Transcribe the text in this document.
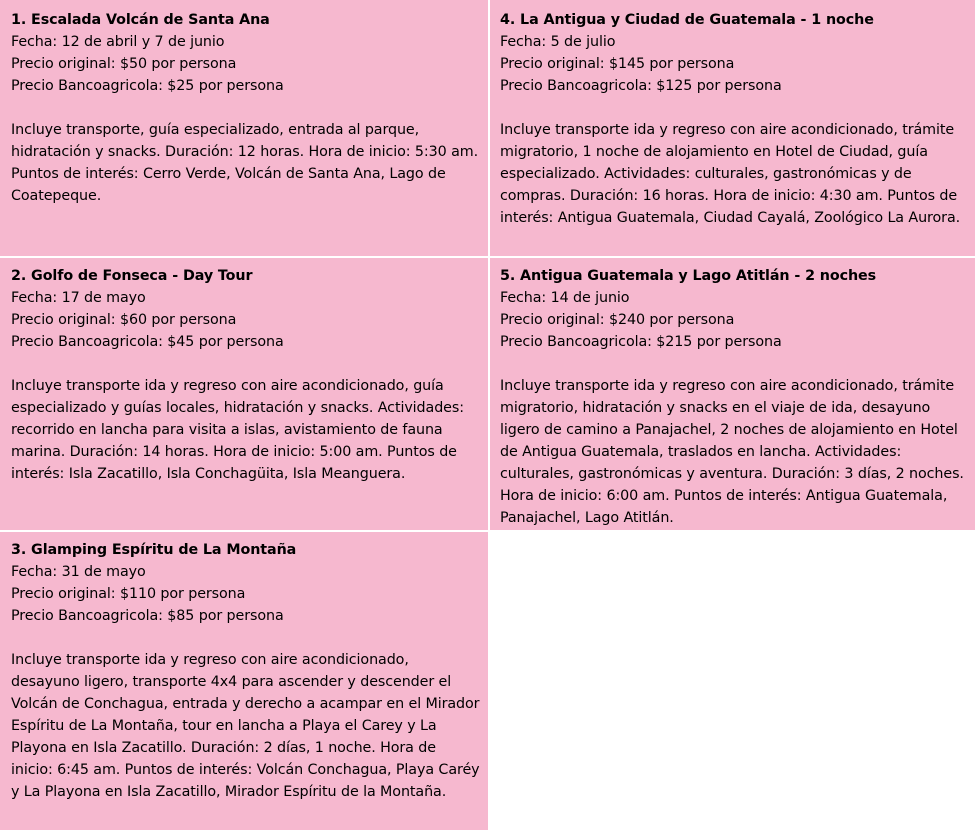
1. Escalada Volcán de Santa Ana
Fecha: 12 de abril y 7 de junio
Precio original: $50 por persona
Precio Bancoagricola: $25 por persona
Incluye transporte, guía especializado, entrada al parque, hidratación y snacks. Duración: 12 horas. Hora de inicio: 5:30 am. Puntos de interés: Cerro Verde, Volcán de Santa Ana, Lago de Coatepeque.
4. La Antigua y Ciudad de Guatemala - 1 noche
Fecha: 5 de julio
Precio original: $145 por persona
Precio Bancoagricola: $125 por persona
Incluye transporte ida y regreso con aire acondicionado, trámite migratorio, 1 noche de alojamiento en Hotel de Ciudad, guía especializado. Actividades: culturales, gastronómicas y de compras. Duración: 16 horas. Hora de inicio: 4:30 am. Puntos de interés: Antigua Guatemala, Ciudad Cayalá, Zoológico La Aurora.
2. Golfo de Fonseca - Day Tour
Fecha: 17 de mayo
Precio original: $60 por persona
Precio Bancoagricola: $45 por persona
Incluye transporte ida y regreso con aire acondicionado, guía especializado y guías locales, hidratación y snacks. Actividades: recorrido en lancha para visita a islas, avistamiento de fauna marina. Duración: 14 horas. Hora de inicio: 5:00 am. Puntos de interés: Isla Zacatillo, Isla Conchagüita, Isla Meanguera.
5. Antigua Guatemala y Lago Atitlán - 2 noches
Fecha: 14 de junio
Precio original: $240 por persona
Precio Bancoagricola: $215 por persona
Incluye transporte ida y regreso con aire acondicionado, trámite migratorio, hidratación y snacks en el viaje de ida, desayuno ligero de camino a Panajachel, 2 noches de alojamiento en Hotel de Antigua Guatemala, traslados en lancha. Actividades: culturales, gastronómicas y aventura. Duración: 3 días, 2 noches. Hora de inicio: 6:00 am. Puntos de interés: Antigua Guatemala, Panajachel, Lago Atitlán.
3. Glamping Espíritu de La Montaña
Fecha: 31 de mayo
Precio original: $110 por persona
Precio Bancoagricola: $85 por persona
Incluye transporte ida y regreso con aire acondicionado, desayuno ligero, transporte 4x4 para ascender y descender el Volcán de Conchagua, entrada y derecho a acampar en el Mirador Espíritu de La Montaña, tour en lancha a Playa el Carey y La Playona en Isla Zacatillo. Duración: 2 días, 1 noche. Hora de inicio: 6:45 am. Puntos de interés: Volcán Conchagua, Playa Caréy y La Playona en Isla Zacatillo, Mirador Espíritu de la Montaña.
